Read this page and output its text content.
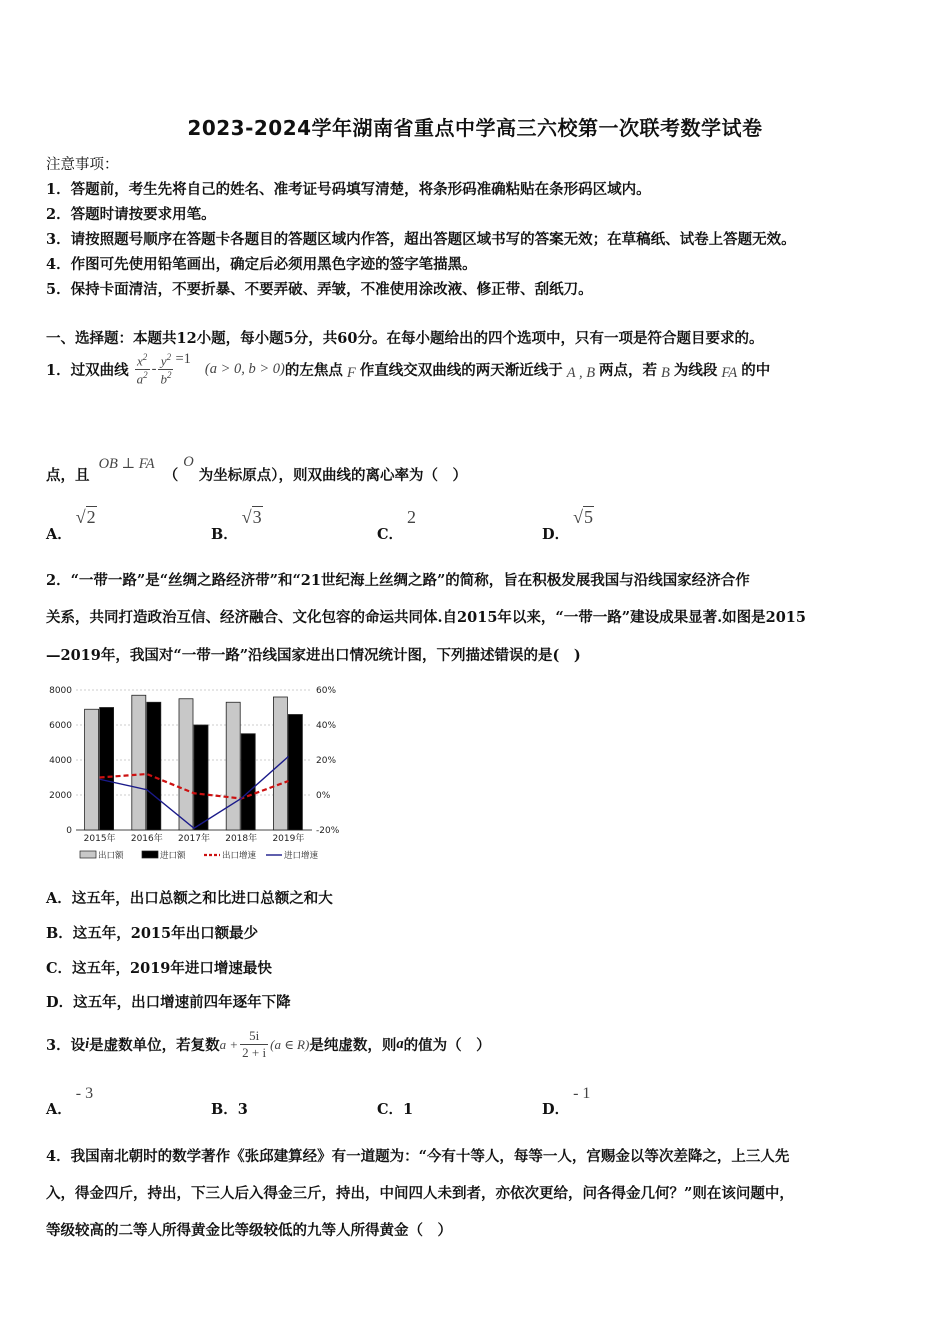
2023-2024学年湖南省重点中学高三六校第一次联考数学试卷
注意事项：
1．答题前，考生先将自己的姓名、准考证号码填写清楚，将条形码准确粘贴在条形码区域内。
2．答题时请按要求用笔。
3．请按照题号顺序在答题卡各题目的答题区域内作答，超出答题区域书写的答案无效；在草稿纸、试卷上答题无效。
4．作图可先使用铅笔画出，确定后必须用黑色字迹的签字笔描黑。
5．保持卡面清洁，不要折暴、不要弄破、弄皱，不准使用涂改液、修正带、刮纸刀。
一、选择题：本题共12小题，每小题5分，共60分。在每小题给出的四个选项中，只有一项是符合题目要求的。
1．过双曲线 $\frac{x^2}{a^2} - \frac{y^2}{b^2} =1$
(a > 0, b > 0) 的左焦点 F 作直线交双曲线的两天渐近线于 A , B 两点，若 B 为线段 FA 的中
点，且 OB ⊥ FA （ O 为坐标原点），则双曲线的离心率为（　）
A．√2
B．√3
C．2
D．√5
2．“一带一路”是“丝绸之路经济带”和“21世纪海上丝绸之路”的简称，旨在积极发展我国与沿线国家经济合作
关系，共同打造政治互信、经济融合、文化包容的命运共同体.自2015年以来，“一带一路”建设成果显著.如图是2015
—2019年，我国对“一带一路”沿线国家进出口情况统计图，下列描述错误的是(　)
0
2000
4000
6000
8000
-20%
0%
20%
40%
60%
2015年 2016年 2017年 2018年 2019年
出口额	进口额	出口增速	进口增速
A．这五年，出口总额之和比进口总额之和大
B．这五年，2015年出口额最少
C．这五年，2019年进口增速最快
D．这五年，出口增速前四年逐年下降
3．设 i 是虚数单位，若复数 $a + \frac{5i}{2 + i} (a$ ∈ R) 是纯虚数，则 a 的值为（　）
A．- 3
B．3	C．1	D．- 1
4．我国南北朝时的数学著作《张邱建算经》有一道题为：“今有十等人，每等一人，宫赐金以等次差降之，上三人先
入，得金四斤，持出，下三人后入得金三斤，持出，中间四人未到者，亦依次更给，问各得金几何？”则在该问题中，
等级较高的二等人所得黄金比等级较低的九等人所得黄金（　）
